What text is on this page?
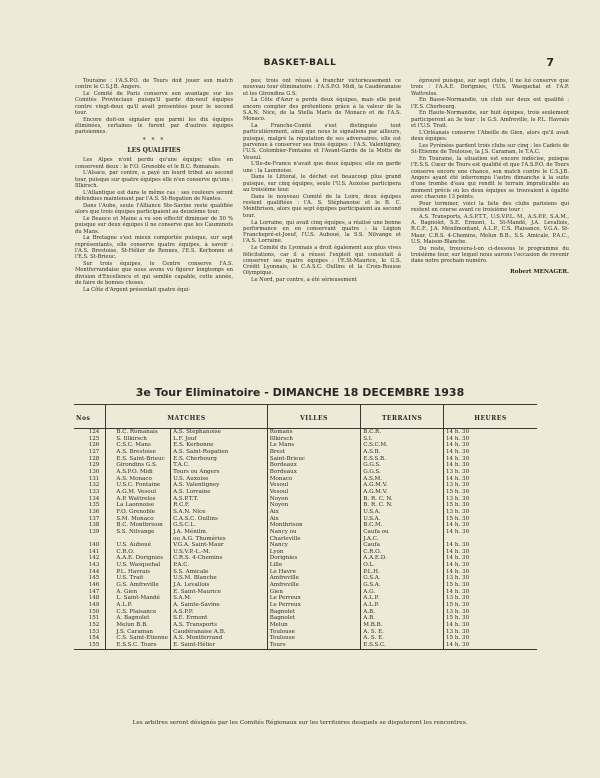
BASKET-BALL	7

Touraine : l'A.S.P.O. de Tours doit jouer son match contre le C.S.J.B. Angers.

Le Comité de Paris conserve son avantage sur les Comités Provinciaux puisqu'il garde dix-neuf équipes contre vingt-deux qu'il avait présentées pour le second tour.

Encore doit-on signaler que parmi les dix équipes éliminées, certaines le furent par d'autres équipes parisiennes.

* * *

LES QUALIFIES

Les Alpes n'ont perdu qu'une équipe; elles en conservent deux : le F.O. Grenoble et le B.C. Romanais.

L'Alsace, par contre, a payé un lourd tribut au second tour, puisque sur quatre équipes elle n'en conserve qu'une : Illkirsch.

L'Atlantique est dans le même cas : ses couleurs seront défendues maintenant par l'A.S. St-Rogatien de Nantes.

Dans l'Aube, seule l'Alliance Ste-Savine reste qualifiée alors que trois équipes participaient au deuxième tour.

Le Beauce et Maine a vu son effectif diminuer de 50 % puisque sur deux équipes il ne conserve que les Cauminots du Mans.

La Bretagne s'est mieux comportée puisque, sur sept représentants, elle conserve quatre équipes, à savoir : l'A.S. Brestoise, St-Hélier de Rennes, l'E.S. Kerbonne et l'E.S. St-Brieuc.

Sur trois équipes, le Centre conserve l'A.S. Montferrandaise que nous avons vu figurer longtemps en division d'Excellence et qui semble capable, cette année, de faire de bonnes choses.

La Côte d'Argent présentait quatre équi-

pes; trois ont réussi à franchir victorieusement ce nouveau tour éliminatoire : l'A.S.P.O. Midi, la Caudéranaise et les Girondins G.S.

La Côte d'Azur a perdu deux équipes, mais elle peut encore compter des prétentions grâce à la valeur de la S.A.N. Nice, de la Stella Maris de Monaco et de l'A.S. Monaco.

La Franche-Comté s'est distinguée tout particulièrement, ainsi que nous le signalions par ailleurs, puisque, malgré la réputation de ses adversaires, elle est parvenue à conserver ses trois équipes : l'A.S. Valentigney, l'U.S. Colombier-Fontaine et l'Avant-Garde de la Motte de Vesoul.

L'Ile-de-France n'avait que deux équipes; elle en garde une : la Laonnoise.

Dans le Littoral, le déchet est beaucoup plus grand puisque, sur cinq équipes, seule l'U.S. Auxoise participera au troisième tour.

Dans le nouveau Comité de la Loire, deux équipes restent qualifiées : l'A. S. Stéphanoise et le B. C. Montbrison, alors que sept équipes participaient au second tour.

La Lorraine, qui avait cinq équipes, a réalisé une bonne performance en en conservant quatre : la Légion Franchepré-et-Joeuf, l'U.S. Auboué, la S.S. Nilvange et l'A.S. Lorraine.

Le Comité du Lyonnais a droit également aux plus vives félicitations, car il a réussi l'exploit qui consistait à conserver ses quatre équipes : l'E.St-Maurice, le G.S. Crédit Lyonnais, le C.A.S.C. Oullins et la Croix-Rousse Olympique.

Le Nord, par contre, a été sérieusement

éprouvé puisque, sur sept clubs, il ne lui conserve que trois : l'A.A.E. Dorignies, l'U.S. Wasquehal et l'A.P. Wattrelos.

En Basse-Normandie, un club sur deux est qualifié : l'E.S. Cherbourg.

En Haute-Normandie, sur huit équipes, trois seulement participeront au 3e tour : le G.S. Amfreville, le P.L. Havrais et l'U.S. Trait.

L'Orléanais conserve l'Abeille de Gien, alors qu'il avait deux équipes.

Les Pyrénées gardent trois clubs sur cinq : les Cadets de St-Etienne de Toulouse, la J.S. Caraman, le T.A.C.

En Touraine, la situation est encore indécise, puisque l'E.S.S. Cœur de Tours est qualifié et que l'A.S.P.O. de Tours conserve encore une chance, son match contre le C.S.J.B. Angers ayant été interrompu l'autre dimanche à la suite d'une trombe d'eau qui rendit le terrain impraticable au moment précis où les deux équipes se trouvaient à égalité avec chacune 13 points.

Pour terminer, voici la liste des clubs parisiens qui restent en course avant ce troisième tour :

A.S. Transports, A.S.P.T.T., U.S.V.P.L. M., A.S.P.P., S.A.M., A. Bagnolet, S.E. Ermont, L. St-Mandé, J.A. Levallois, R.C.F., J.A. Ménilmontant, A.L.P., C.S. Plaisance, V.G.A. St-Maur, C.R.S. 4-Chemins, Melun B.B., S.S. Amicale, P.A.C., U.S. Maison-Blanche.

Du reste, trouvera-t-on ci-dessous le programme du troisième tour, sur lequel nous aurons l'occasion de revenir dans notre prochain numéro.

Robert MENAGER.

3e Tour Eliminatoire - DIMANCHE 18 DECEMBRE 1938
Nos	MATCHES		VILLES	TERRAINS	HEURES
124	B.C. Romanais	A.S. Stéphanoise	Romans	B.C.R.	14 h. 30
125	S. Illkirsch	L.F. Jouf	Illkirsch	S.I.	14 h. 30
126	C.S.C. Mans	E.S. Kerbonne	Le Mans	C.S.C.M.	14 h. 30
127	A.S. Brestoise	A.S. Saint-Rogatien	Brest	A.S.B.	14 h. 30
128	E.S. Saint-Brieuc	E.S. Cherbourg	Saint-Brieuc	E.S.S.B.	14 h. 30
129	Girondins G.S.	T.A.C.	Bordeaux	G.G.S.	14 h. 30
130	A.S.P.O. Midi	Tours ou Angers	Bordeaux	G.G.S.	13 h. 30
131	A.S. Monaco	U.S. Auxoise	Monaco	A.S.M.	14 h. 30
132	U.S.C. Fontaine	A.S. Valentigney	Vesoul	A.G.M.V.	13 h. 30
133	A.G.M. Vesoul	A.S. Lorraine	Vesoul	A.G.M.V.	15 h. 30
134	A.P. Wattrelos	A.S.P.T.T.	Noyon	B. R. C. N.	13 h. 30
135	La Laonnoise	R.C.F.	Noyon	B. R. C. N.	15 h. 30
136	F.O. Grenoble	S.A.N. Nice	Aix	U.S.A.	13 h. 30
137	S.M. Monaco	C.A.S.C. Oullins	Aix	U.S.A.	15 h. 30
138	B.C. Montbrison	G.S.C.L.	Montbrison	B.C.M.	14 h. 30
139	S.S. Nilvange	J.A. Ménilm.	Nancy ou	Caufa ou	14 h. 30
		ou A.G. Thuméries	Charleville	J.A.C.	
140	U.S. Auboué	V.G.A. Saint-Maur	Nancy	Caufa	14 h. 30
141	C.R.O.	U.S.V.P.-L.-M.	Lyon	C.R.O.	14 h. 30
142	A.A.E. Dorignies	C.R.S. 4-Chemins	Dorignies	A.A.E.D.	14 h. 30
143	U.S. Wasquehal	P.A.C.	Lille	O.L.	14 h. 30
144	P.L. Havrais	S.S. Amicale	Le Havre	P.L.H.	14 h. 30
145	U.S. Trait	U.S.M. Blanche	Amfreville	G.S.A.	13 h. 30
146	G.S. Amfreville	J.A. Levallois	Amfreville	G.S.A.	15 h. 30
147	A. Gien	E. Saint-Maurice	Gien	A.G.	14 h. 30
148	L. Saint-Mandé	S.A.M.	Le Perreux	A.L.P.	13 h. 30
149	A.L.P.	A. Sainte-Savine	Le Perreux	A.L.P.	15 h. 30
150	C.S. Plaisance	A.S.P.P.	Bagnolet	A.B.	13 h. 30
151	A. Bagnolet	S.E. Ermont	Bagnolet	A.B.	15 h. 30
152	Melun B.B.	A.S. Transports	Melun	M.B.B.	14 h. 30
153	J.S. Caraman	Caudéranaise A.B.	Toulouse	A. S. E.	13 h. 30
154	C.S. Saint-Etienne	A.S. Montferrand	Toulouse	A. S. E.	15 h. 30
155	E.S.S.C. Tours	E. Saint-Hélier	Tours	E.S.S.C.	14 h. 30
Les arbitres seront désignés par les Comités Régionaux sur les territoires desquels se disputeront les rencontres.
